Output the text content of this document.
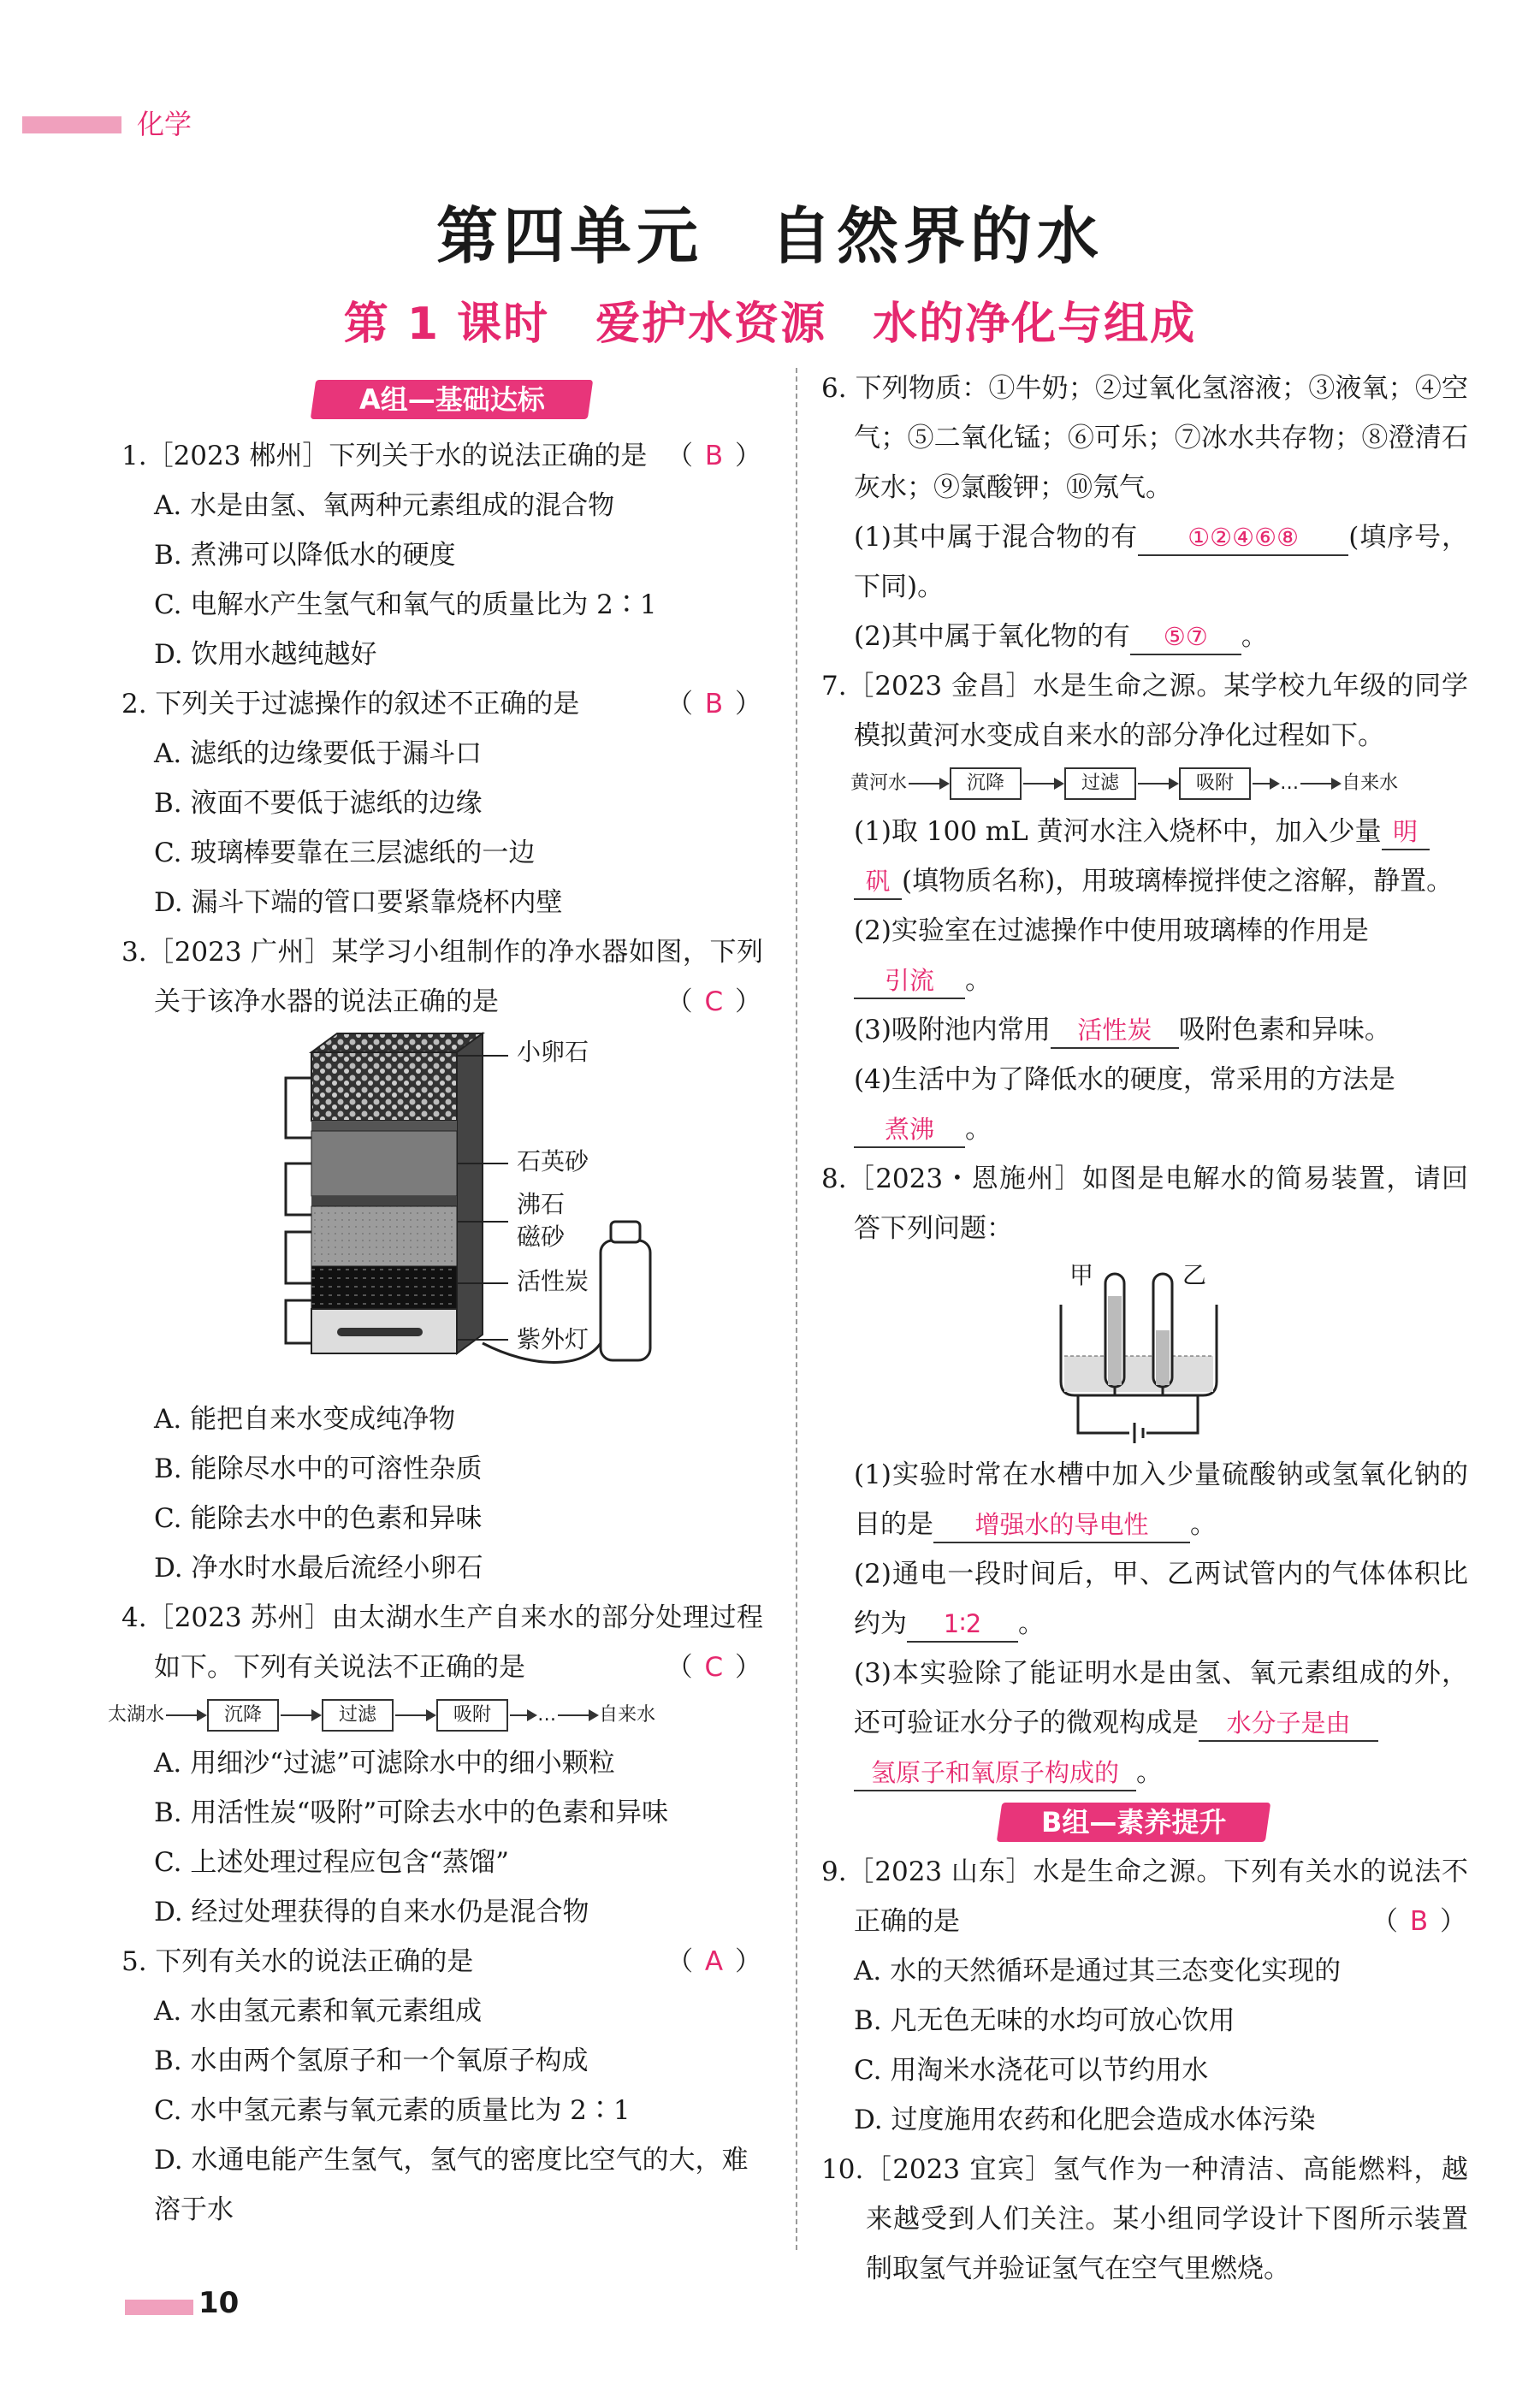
化学
第四单元　自然界的水
第 1 课时　爱护水资源　水的净化与组成
A组—基础达标
1.［2023 郴州］下列关于水的说法正确的是 （ B ）
A. 水是由氢、氧两种元素组成的混合物
B. 煮沸可以降低水的硬度
C. 电解水产生氢气和氧气的质量比为 2∶1
D. 饮用水越纯越好
2. 下列关于过滤操作的叙述不正确的是	（ B ）
A. 滤纸的边缘要低于漏斗口
B. 液面不要低于滤纸的边缘
C. 玻璃棒要靠在三层滤纸的一边
D. 漏斗下端的管口要紧靠烧杯内壁
3.［2023 广州］某学习小组制作的净水器如图，下列关于该净水器的说法正确的是	（ C ）
小卵石
石英砂
沸石
磁砂
活性炭
紫外灯
A. 能把自来水变成纯净物
B. 能除尽水中的可溶性杂质
C. 能除去水中的色素和异味
D. 净水时水最后流经小卵石
4.［2023 苏州］由太湖水生产自来水的部分处理过程如下。下列有关说法不正确的是	（ C ）
太湖水	沉降	过滤	吸附	… 自来水
A. 用细沙“过滤”可滤除水中的细小颗粒
B. 用活性炭“吸附”可除去水中的色素和异味
C. 上述处理过程应包含“蒸馏”
D. 经过处理获得的自来水仍是混合物
5. 下列有关水的说法正确的是	（ A ）
A. 水由氢元素和氧元素组成
B. 水由两个氢原子和一个氧原子构成
C. 水中氢元素与氧元素的质量比为 2∶1
D. 水通电能产生氢气，氢气的密度比空气的大，难溶于水
6. 下列物质：①牛奶；②过氧化氢溶液；③液氧；④空气；⑤二氧化锰；⑥可乐；⑦冰水共存物；⑧澄清石灰水；⑨氯酸钾；⑩氖气。
(1)其中属于混合物的有 ①②④⑥⑧ (填序号，下同)。
(2)其中属于氧化物的有 ⑤⑦ 。
7.［2023 金昌］水是生命之源。某学校九年级的同学模拟黄河水变成自来水的部分净化过程如下。
黄河水	沉降	过滤	吸附	… 自来水
(1)取 100 mL 黄河水注入烧杯中，加入少量 明
矾 (填物质名称)，用玻璃棒搅拌使之溶解，静置。
(2)实验室在过滤操作中使用玻璃棒的作用是
引流 。
(3)吸附池内常用 活性炭 吸附色素和异味。
(4)生活中为了降低水的硬度，常采用的方法是
煮沸 。
8.［2023・恩施州］如图是电解水的简易装置，请回答下列问题：
甲	乙
(1)实验时常在水槽中加入少量硫酸钠或氢氧化钠的目的是 增强水的导电性 。
(2)通电一段时间后，甲、乙两试管内的气体体积比约为 1∶2 。
(3)本实验除了能证明水是由氢、氧元素组成的外，还可验证水分子的微观构成是 水分子是由
氢原子和氧原子构成的 。
B组—素养提升
9.［2023 山东］水是生命之源。下列有关水的说法不正确的是	（ B ）
A. 水的天然循环是通过其三态变化实现的
B. 凡无色无味的水均可放心饮用
C. 用淘米水浇花可以节约用水
D. 过度施用农药和化肥会造成水体污染
10.［2023 宜宾］氢气作为一种清洁、高能燃料，越来越受到人们关注。某小组同学设计下图所示装置制取氢气并验证氢气在空气里燃烧。
10
